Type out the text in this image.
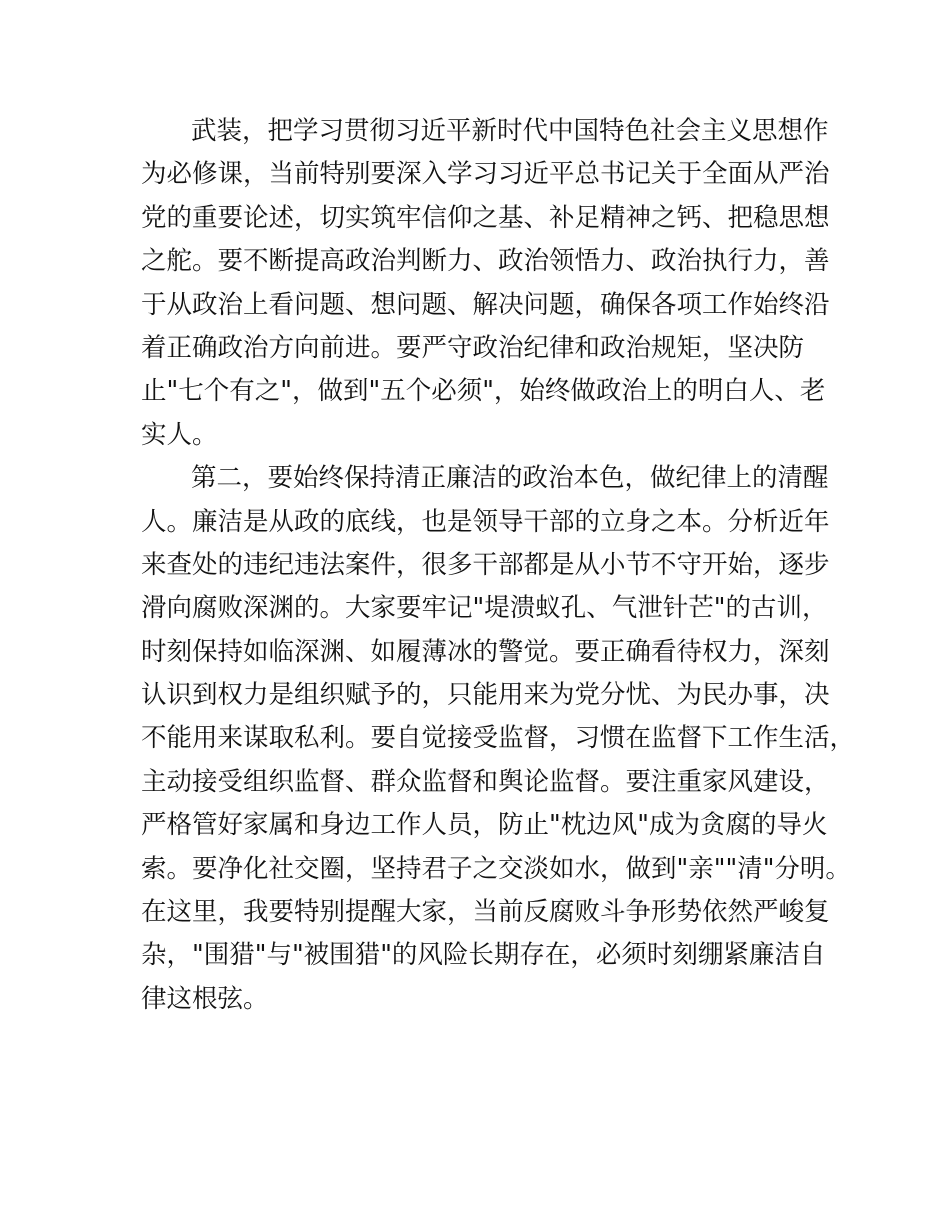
武装，把学习贯彻习近平新时代中国特色社会主义思想作
为必修课，当前特别要深入学习习近平总书记关于全面从严治
党的重要论述，切实筑牢信仰之基、补足精神之钙、把稳思想
之舵。要不断提高政治判断力、政治领悟力、政治执行力，善
于从政治上看问题、想问题、解决问题，确保各项工作始终沿
着正确政治方向前进。要严守政治纪律和政治规矩，坚决防
止"七个有之"，做到"五个必须"，始终做政治上的明白人、老
实人。
第二，要始终保持清正廉洁的政治本色，做纪律上的清醒
人。廉洁是从政的底线，也是领导干部的立身之本。分析近年
来查处的违纪违法案件，很多干部都是从小节不守开始，逐步
滑向腐败深渊的。大家要牢记"堤溃蚁孔、气泄针芒"的古训，
时刻保持如临深渊、如履薄冰的警觉。要正确看待权力，深刻
认识到权力是组织赋予的，只能用来为党分忧、为民办事，决
不能用来谋取私利。要自觉接受监督，习惯在监督下工作生活，
主动接受组织监督、群众监督和舆论监督。要注重家风建设，
严格管好家属和身边工作人员，防止"枕边风"成为贪腐的导火
索。要净化社交圈，坚持君子之交淡如水，做到"亲""清"分明。
在这里，我要特别提醒大家，当前反腐败斗争形势依然严峻复
杂，"围猎"与"被围猎"的风险长期存在，必须时刻绷紧廉洁自
律这根弦。
